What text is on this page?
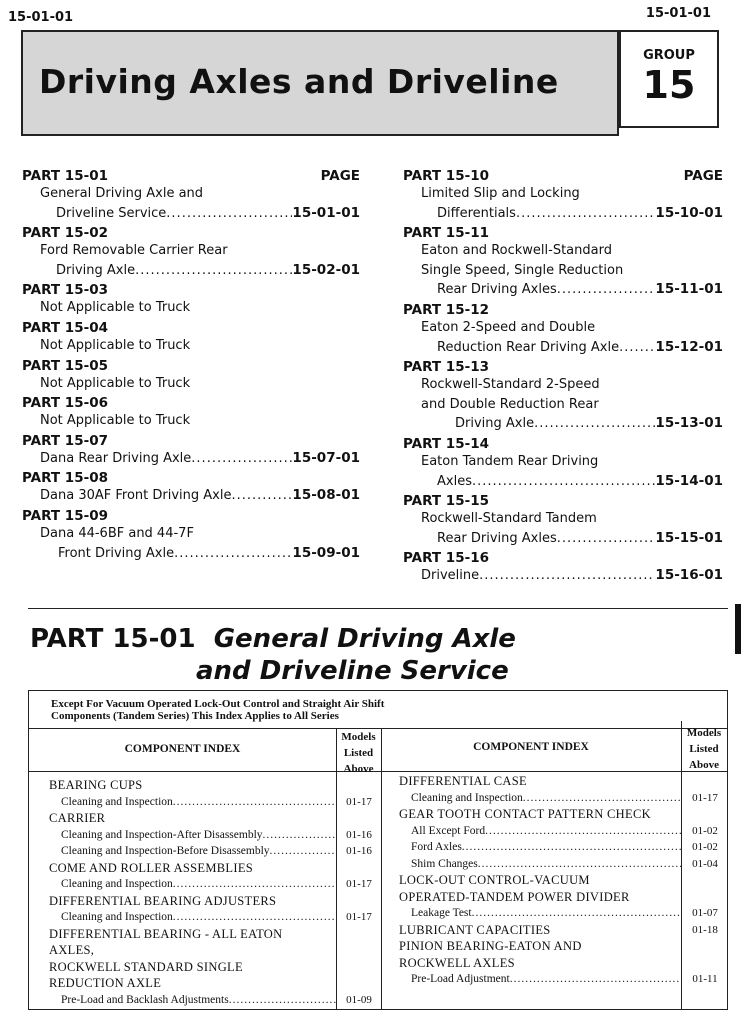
15-01-01	15-01-01
Driving Axles and Driveline
GROUP
15
PART 15-01	PAGE
General Driving Axle and
Driveline Service .....	15-01-01
PART 15-02
Ford Removable Carrier Rear
Driving Axle .....	15-02-01
PART 15-03
Not Applicable to Truck
PART 15-04
Not Applicable to Truck
PART 15-05
Not Applicable to Truck
PART 15-06
Not Applicable to Truck
PART 15-07
Dana Rear Driving Axle .....	15-07-01
PART 15-08
Dana 30AF Front Driving Axle .....	15-08-01
PART 15-09
Dana 44-6BF and 44-7F
Front Driving Axle .....	15-09-01
PART 15-10	PAGE
Limited Slip and Locking
Differentials .....	15-10-01
PART 15-11
Eaton and Rockwell-Standard
Single Speed, Single Reduction
Rear Driving Axles .....	15-11-01
PART 15-12
Eaton 2-Speed and Double
Reduction Rear Driving Axle .....	15-12-01
PART 15-13
Rockwell-Standard 2-Speed
and Double Reduction Rear
Driving Axle .....	15-13-01
PART 15-14
Eaton Tandem Rear Driving
Axles .....	15-14-01
PART 15-15
Rockwell-Standard Tandem
Rear Driving Axles .....	15-15-01
PART 15-16
Driveline .....	15-16-01
PART 15-01 General Driving Axle
and Driveline Service
Except For Vacuum Operated Lock-Out Control and Straight Air Shift
Components (Tandem Series) This Index Applies to All Series
COMPONENT INDEX
Models
Listed
Above
COMPONENT INDEX
Models
Listed
Above
BEARING CUPS
Cleaning and Inspection .....	01-17
CARRIER
Cleaning and Inspection-After Disassembly .....	01-16
Cleaning and Inspection-Before Disassembly .....	01-16
COME AND ROLLER ASSEMBLIES
Cleaning and Inspection .....	01-17
DIFFERENTIAL BEARING ADJUSTERS
Cleaning and Inspection .....	01-17
DIFFERENTIAL BEARING - ALL EATON
AXLES,
ROCKWELL STANDARD SINGLE
REDUCTION AXLE
Pre-Load and Backlash Adjustments .....	01-09
DIFFERENTIAL CASE
Cleaning and Inspection .....	01-17
GEAR TOOTH CONTACT PATTERN CHECK
All Except Ford .....	01-02
Ford Axles .....	01-02
Shim Changes .....	01-04
LOCK-OUT CONTROL-VACUUM
OPERATED-TANDEM POWER DIVIDER
Leakage Test .....	01-07
LUBRICANT CAPACITIES	01-18
PINION BEARING-EATON AND
ROCKWELL AXLES
Pre-Load Adjustment .....	01-11
